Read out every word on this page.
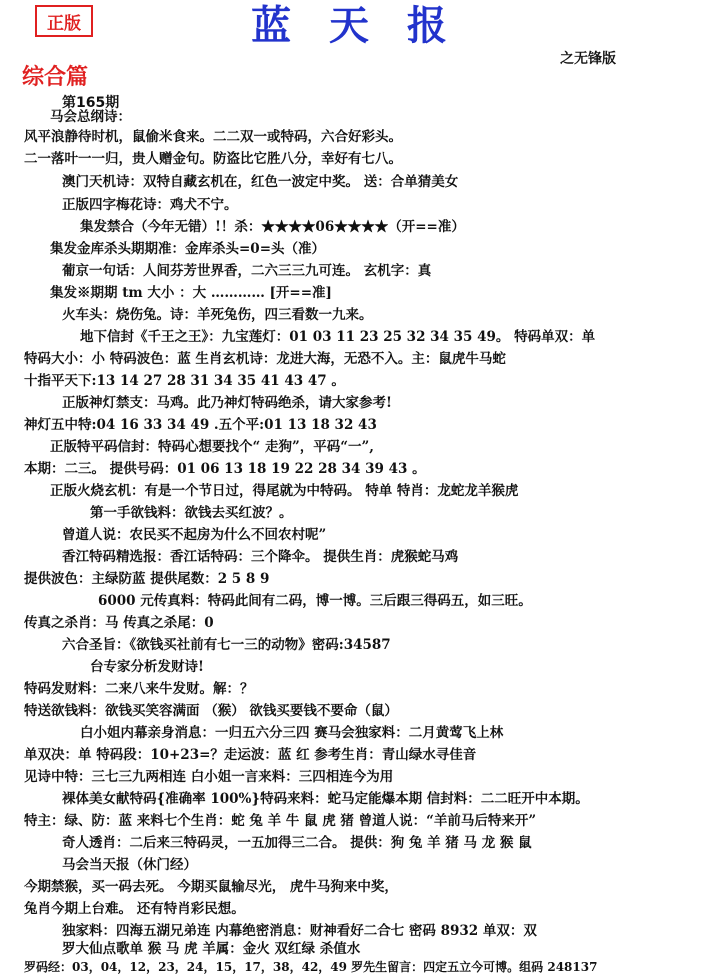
正版	蓝 天 报
之无锋版
综合篇
第165期
马会总纲诗：
风平浪静待时机，鼠偷米食来。二二双一或特码，六合好彩头。
二一落叶一一归，贵人赠金句。防盗比它胜八分，幸好有七八。
澳门天机诗：双特自藏玄机在，红色一波定中奖。 送：合单猜美女
正版四字梅花诗：鸡犬不宁。
集发禁合（今年无错）!！杀：★★★★06★★★★（开==准）
集发金库杀头期期准：金库杀头=0=头（准）
葡京一句话：人间芬芳世界香，二六三三九可连。 玄机字：真
集发※期期 tm 大小 ：大 ………… [开==准]
火车头：烧伤兔。诗：羊死兔伤，四三看数一九来。
地下信封《千王之王》：九宝莲灯：01 03 11 23 25 32 34 35 49。 特码单双：单
特码大小：小 特码波色：蓝 生肖玄机诗：龙进大海，无恐不入。主：鼠虎牛马蛇
十指平天下:13 14 27 28 31 34 35 41 43 47 。
正版神灯禁支：马鸡。此乃神灯特码绝杀，请大家参考!
神灯五中特:04 16 33 34 49 .五个平:01 13 18 32 43
正版特平码信封：特码心想要找个“ 走狗”，平码“一”,
本期：二三。 提供号码：01 06 13 18 19 22 28 34 39 43 。
正版火烧玄机：有是一个节日过，得尾就为中特码。 特单 特肖：龙蛇龙羊猴虎
第一手欲钱料：欲钱去买红波？。
曾道人说：农民买不起房为什么不回农村呢”
香江特码精选报：香江话特码：三个降伞。 提供生肖：虎猴蛇马鸡
提供波色：主绿防蓝 提供尾数：2 5 8 9
6000 元传真料：特码此间有二码，博一博。三后跟三得码五，如三旺。
传真之杀肖：马 传真之杀尾：0
六合圣旨：《欲钱买社前有七一三的动物》密码:34587
台专家分析发财诗!
特码发财料：二来八来牛发财。解：？
特送欲钱料：欲钱买笑容满面 （猴） 欲钱买要钱不要命（鼠）
白小姐内幕亲身消息：一归五六分三四 赛马会独家料：二月黄莺飞上林
单双决：单 特码段：10+23=？走运波：蓝 红 参考生肖：青山绿水寻佳音
见诗中特：三七三九两相连 白小姐一言来料：三四相连今为用
裸体美女献特码{准确率 100%}特码来料：蛇马定能爆本期 信封料：二二旺开中本期。
特主：绿、防：蓝 来料七个生肖：蛇 兔 羊 牛 鼠 虎 猪 曾道人说：“羊前马后特来开”
奇人透肖：二后来三特码灵，一五加得三二合。 提供：狗 兔 羊 猪 马 龙 猴 鼠
马会当天报（休门经）
今期禁猴，买一码去死。 今期买鼠输尽光， 虎牛马狗来中奖，
兔肖今期上台难。 还有特肖彩民想。
独家料：四海五湖兄弟连 内幕绝密消息：财神看好二合七 密码 8932 单双：双
罗大仙点歌单 猴 马 虎 羊属：金火 双红绿 杀值水
罗码经：03，04，12，23，24，15，17，38，42，49 罗先生留言：四定五立今可博。组码 248137
